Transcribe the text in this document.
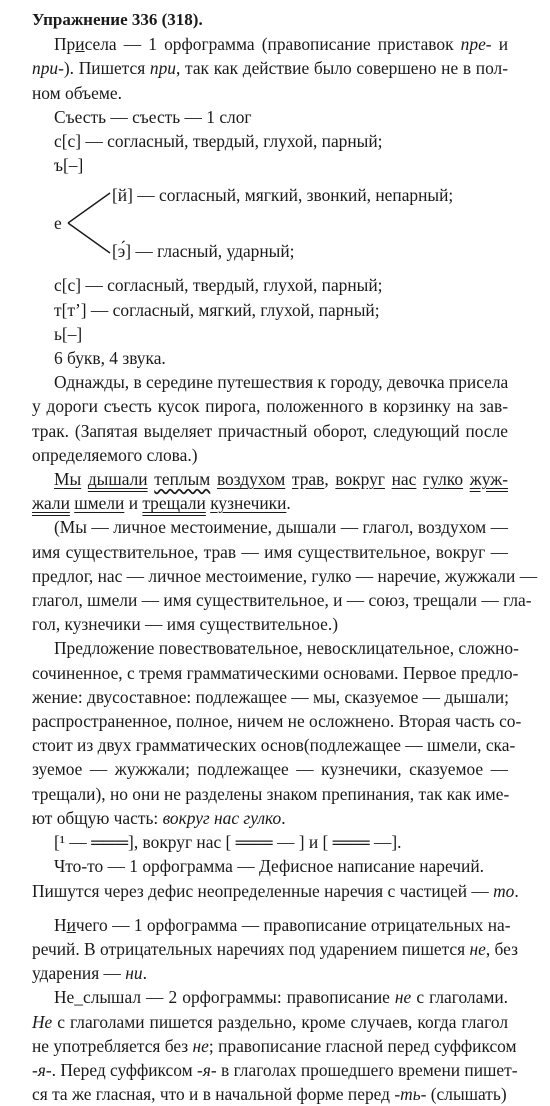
Упражнение 336 (318).
Присела — 1 орфограмма (правописание приставок пре- и
при-). Пишется при, так как действие было совершено не в пол-
ном объеме.
Съесть — съесть — 1 слог
с[с] — согласный, твердый, глухой, парный;
ъ[–]
е
[й] — согласный, мягкий, звонкий, непарный;
[э́] — гласный, ударный;
с[с] — согласный, твердый, глухой, парный;
т[т’] — согласный, мягкий, глухой, парный;
ь[–]
6 букв, 4 звука.
Однажды, в середине путешествия к городу, девочка присела
у дороги съесть кусок пирога, положенного в корзинку на зав-
трак. (Запятая выделяет причастный оборот, следующий после
определяемого слова.)
Мы дышали теплым воздухом трав, вокруг нас гулко жуж-
жали шмели и трещали кузнечики.
(Мы — личное местоимение, дышали — глагол, воздухом —
имя существительное, трав — имя существительное, вокруг —
предлог, нас — личное местоимение, гулко — наречие, жужжали —
глагол, шмели — имя существительное, и — союз, трещали — гла-
гол, кузнечики — имя существительное.)
Предложение повествовательное, невосклицательное, сложно-
сочиненное, с тремя грамматическими основами. Первое предло-
жение: двусоставное: подлежащее — мы, сказуемое — дышали;
распространенное, полное, ничем не осложнено. Вторая часть со-
стоит из двух грамматических основ(подлежащее — шмели, ска-
зуемое — жужжали; подлежащее — кузнечики, сказуемое —
трещали), но они не разделены знаком препинания, так как име-
ют общую часть: вокруг нас гулко.
[¹ — ═══], вокруг нас [ ═══ — ] и [ ═══ —].
Что-то — 1 орфограмма — Дефисное написание наречий.
Пишутся через дефис неопределенные наречия с частицей — то.
Ничего — 1 орфограмма — правописание отрицательных на-
речий. В отрицательных наречиях под ударением пишется не, без
ударения — ни.
Не_слышал — 2 орфограммы: правописание не с глаголами.
Не с глаголами пишется раздельно, кроме случаев, когда глагол
не употребляется без не; правописание гласной перед суффиксом
-я-. Перед суффиксом -я- в глаголах прошедшего времени пишет-
ся та же гласная, что и в начальной форме перед -ть- (слышать)
